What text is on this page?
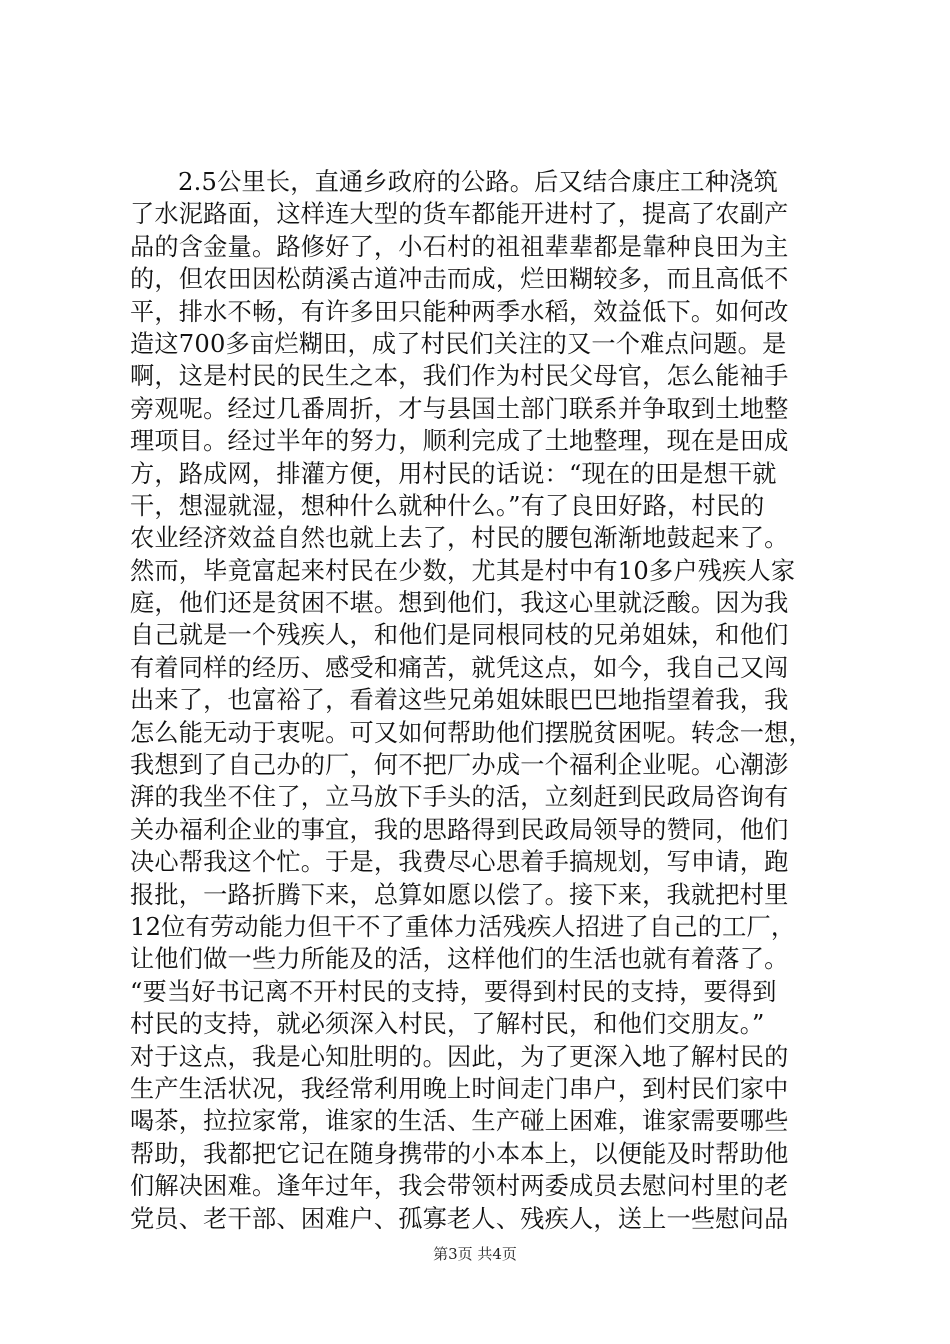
2.5公里长，直通乡政府的公路。后又结合康庄工种浇筑
了水泥路面，这样连大型的货车都能开进村了，提高了农副产
品的含金量。路修好了，小石村的祖祖辈辈都是靠种良田为主
的，但农田因松荫溪古道冲击而成，烂田糊较多，而且高低不
平，排水不畅，有许多田只能种两季水稻，效益低下。如何改
造这700多亩烂糊田，成了村民们关注的又一个难点问题。是
啊，这是村民的民生之本，我们作为村民父母官，怎么能袖手
旁观呢。经过几番周折，才与县国土部门联系并争取到土地整
理项目。经过半年的努力，顺利完成了土地整理，现在是田成
方，路成网，排灌方便，用村民的话说：“现在的田是想干就
干，想湿就湿，想种什么就种什么。”有了良田好路，村民的
农业经济效益自然也就上去了，村民的腰包渐渐地鼓起来了。
然而，毕竟富起来村民在少数，尤其是村中有10多户残疾人家
庭，他们还是贫困不堪。想到他们，我这心里就泛酸。因为我
自己就是一个残疾人，和他们是同根同枝的兄弟姐妹，和他们
有着同样的经历、感受和痛苦，就凭这点，如今，我自己又闯
出来了，也富裕了，看着这些兄弟姐妹眼巴巴地指望着我，我
怎么能无动于衷呢。可又如何帮助他们摆脱贫困呢。转念一想，
我想到了自己办的厂，何不把厂办成一个福利企业呢。心潮澎
湃的我坐不住了，立马放下手头的活，立刻赶到民政局咨询有
关办福利企业的事宜，我的思路得到民政局领导的赞同，他们
决心帮我这个忙。于是，我费尽心思着手搞规划，写申请，跑
报批，一路折腾下来，总算如愿以偿了。接下来，我就把村里
12位有劳动能力但干不了重体力活残疾人招进了自己的工厂，
让他们做一些力所能及的活，这样他们的生活也就有着落了。
“要当好书记离不开村民的支持，要得到村民的支持，要得到
村民的支持，就必须深入村民，了解村民，和他们交朋友。”
对于这点，我是心知肚明的。因此，为了更深入地了解村民的
生产生活状况，我经常利用晚上时间走门串户，到村民们家中
喝茶，拉拉家常，谁家的生活、生产碰上困难，谁家需要哪些
帮助，我都把它记在随身携带的小本本上，以便能及时帮助他
们解决困难。逢年过年，我会带领村两委成员去慰问村里的老
党员、老干部、困难户、孤寡老人、残疾人，送上一些慰问品
第3页 共4页
